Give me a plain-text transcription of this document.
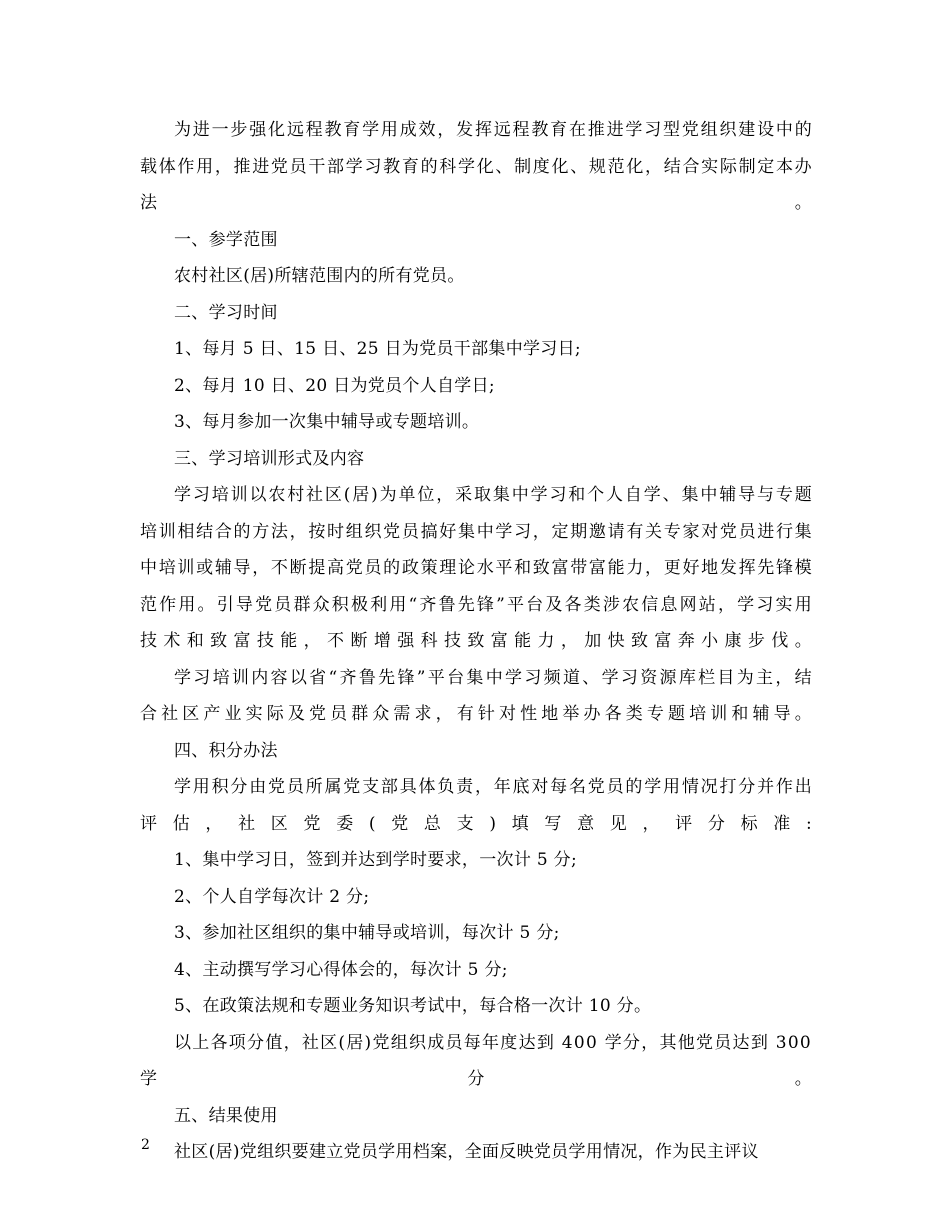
为进一步强化远程教育学用成效，发挥远程教育在推进学习型党组织建设中的
载体作用，推进党员干部学习教育的科学化、制度化、规范化，结合实际制定本办
法。
一、参学范围
农村社区(居)所辖范围内的所有党员。
二、学习时间
1、每月 5 日、15 日、25 日为党员干部集中学习日;
2、每月 10 日、20 日为党员个人自学日;
3、每月参加一次集中辅导或专题培训。
三、学习培训形式及内容
学习培训以农村社区(居)为单位，采取集中学习和个人自学、集中辅导与专题
培训相结合的方法，按时组织党员搞好集中学习，定期邀请有关专家对党员进行集
中培训或辅导，不断提高党员的政策理论水平和致富带富能力，更好地发挥先锋模
范作用。引导党员群众积极利用“齐鲁先锋”平台及各类涉农信息网站，学习实用
技术和致富技能，不断增强科技致富能力，加快致富奔小康步伐。
学习培训内容以省“齐鲁先锋”平台集中学习频道、学习资源库栏目为主，结
合社区产业实际及党员群众需求，有针对性地举办各类专题培训和辅导。
四、积分办法
学用积分由党员所属党支部具体负责，年底对每名党员的学用情况打分并作出
评估，社区党委(党总支)填写意见，评分标准:
1、集中学习日，签到并达到学时要求，一次计 5 分;
2、个人自学每次计 2 分;
3、参加社区组织的集中辅导或培训，每次计 5 分;
4、主动撰写学习心得体会的，每次计 5 分;
5、在政策法规和专题业务知识考试中，每合格一次计 10 分。
以上各项分值，社区(居)党组织成员每年度达到 400 学分，其他党员达到 300
学分。
五、结果使用
社区(居)党组织要建立党员学用档案，全面反映党员学用情况，作为民主评议
2
